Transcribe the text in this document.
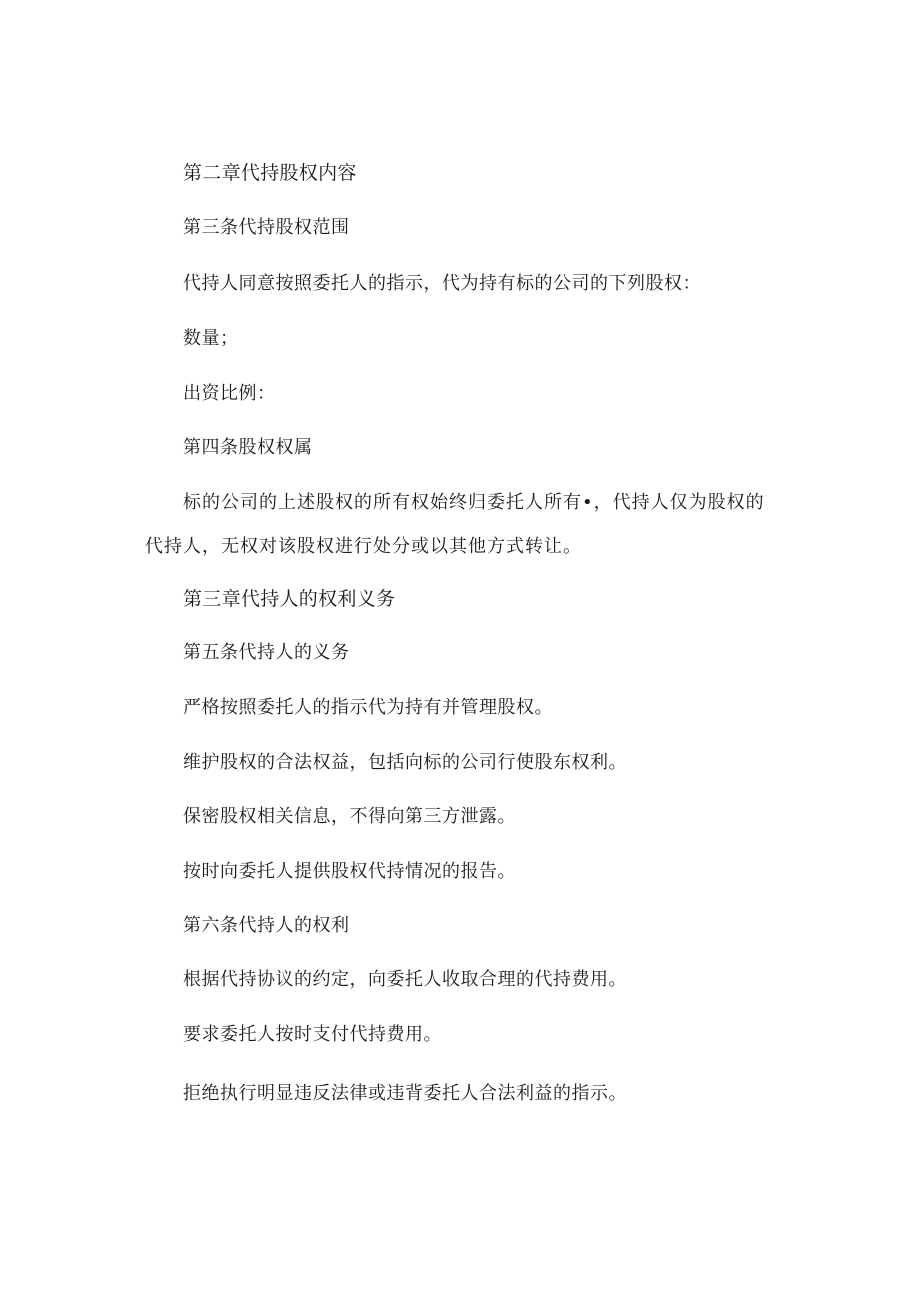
第二章代持股权内容
第三条代持股权范围
代持人同意按照委托人的指示，代为持有标的公司的下列股权：
数量；
出资比例：
第四条股权权属
标的公司的上述股权的所有权始终归委托人所有•，代持人仅为股权的代持人，无权对该股权进行处分或以其他方式转让。
第三章代持人的权利义务
第五条代持人的义务
严格按照委托人的指示代为持有并管理股权。
维护股权的合法权益，包括向标的公司行使股东权利。
保密股权相关信息，不得向第三方泄露。
按时向委托人提供股权代持情况的报告。
第六条代持人的权利
根据代持协议的约定，向委托人收取合理的代持费用。
要求委托人按时支付代持费用。
拒绝执行明显违反法律或违背委托人合法利益的指示。
